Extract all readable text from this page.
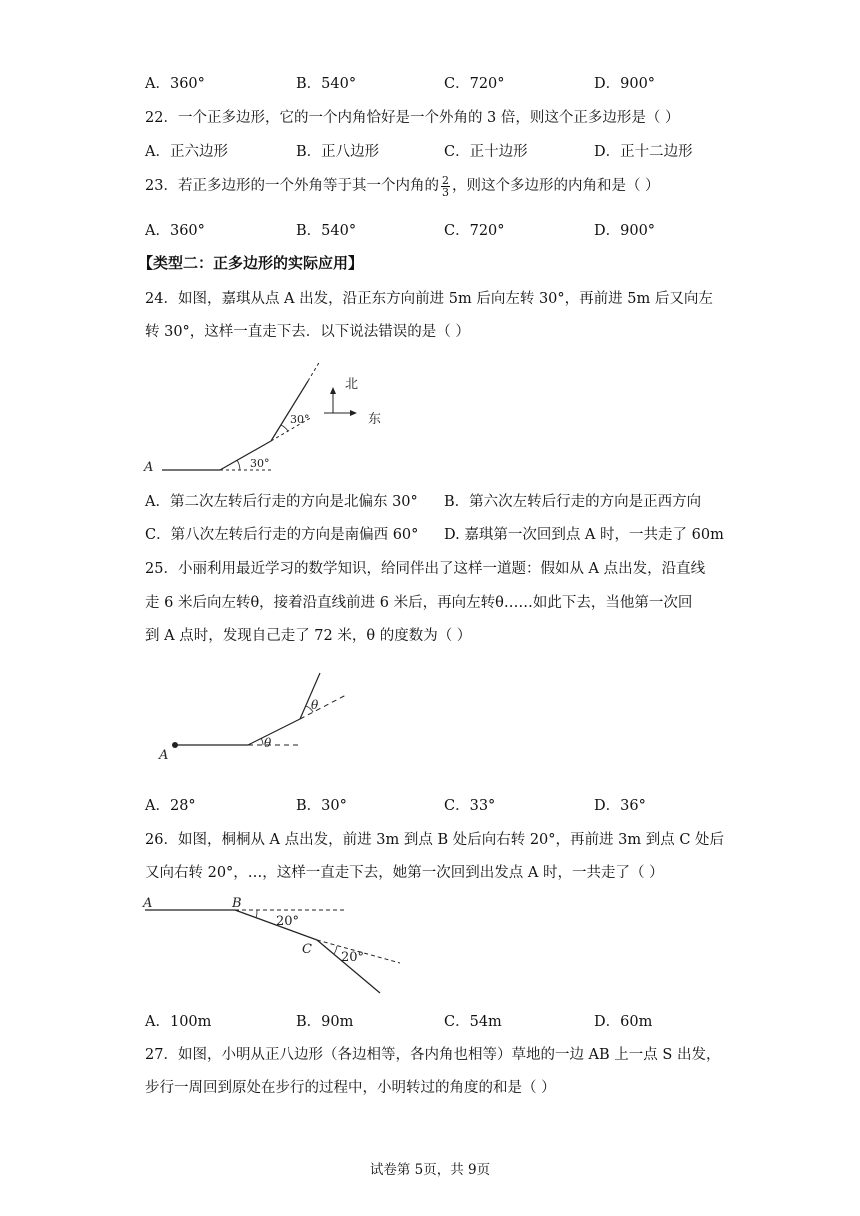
A．360°	B．540°	C．720°	D．900°
22．一个正多边形，它的一个内角恰好是一个外角的 3 倍，则这个正多边形是（ ）
A．正六边形	B．正八边形	C．正十边形	D．正十二边形
23．若正多边形的一个外角等于其一个内角的 $\frac{2}{3}$ ，则这个多边形的内角和是（ ）
A．360°	B．540°	C．720°	D．900°
【类型二：正多边形的实际应用】
24．如图，嘉琪从点 A 出发，沿正东方向前进 5m 后向左转 30°，再前进 5m 后又向左
转 30°，这样一直走下去．以下说法错误的是（ ）
30°
30°
A
北
东
A．第二次左转后行走的方向是北偏东 30° B．第六次左转后行走的方向是正西方向
C．第八次左转后行走的方向是南偏西 60° D. 嘉琪第一次回到点 A 时，一共走了 60m
25．小丽利用最近学习的数学知识，给同伴出了这样一道题：假如从 A 点出发，沿直线
走 6 米后向左转θ，接着沿直线前进 6 米后，再向左转θ……如此下去，当他第一次回
到 A 点时，发现自己走了 72 米，θ 的度数为（ ）
θ
θ
A
A．28°	B．30°	C．33°	D．36°
26．如图，桐桐从 A 点出发，前进 3m 到点 B 处后向右转 20°，再前进 3m 到点 C 处后
又向右转 20°，…，这样一直走下去，她第一次回到出发点 A 时，一共走了（ ）
A	B
C
20°
20°
A．100m	B．90m	C．54m	D．60m
27．如图，小明从正八边形（各边相等，各内角也相等）草地的一边 AB 上一点 S 出发，
步行一周回到原处在步行的过程中，小明转过的角度的和是（ ）
试卷第 5页，共 9页
